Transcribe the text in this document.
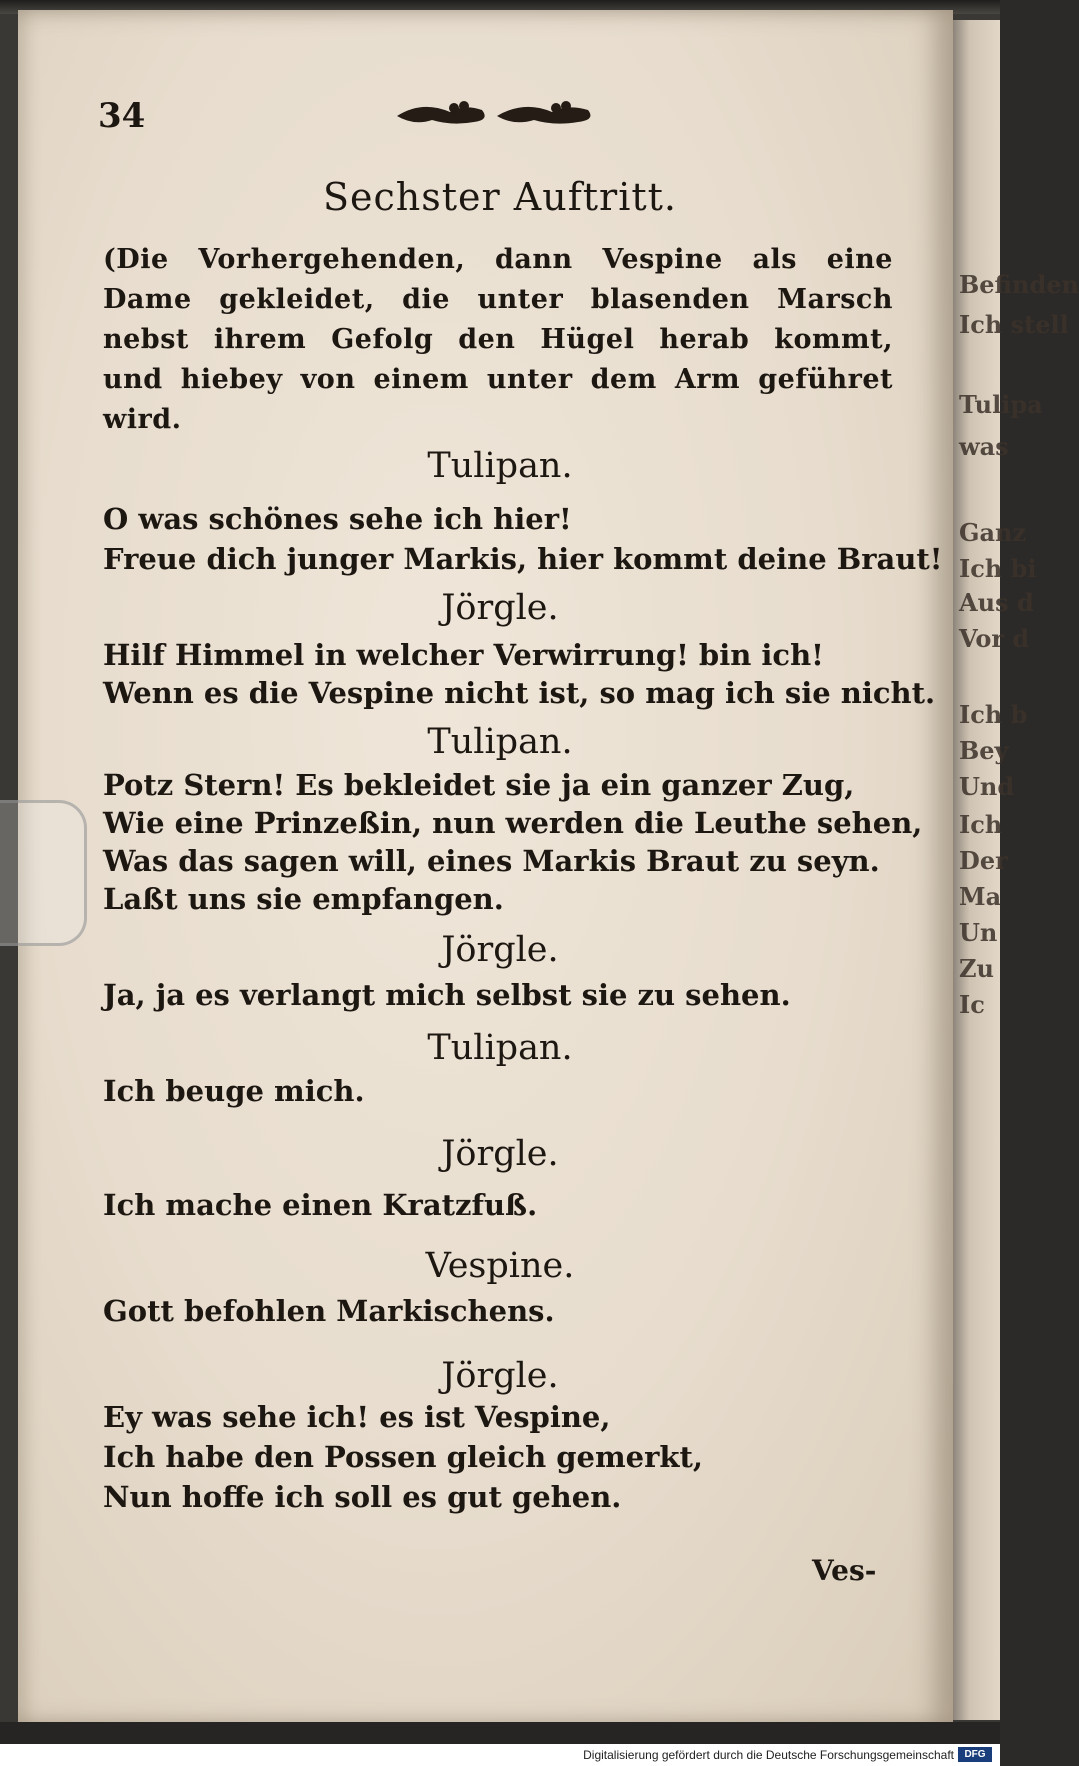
Befinden
Ich stell
Tulipa
was
Ganz
Ich bi
Aus d
Vor d
Ich b
Bey
Und
Ich
Der
Ma
Un
Zu
Ic
34
Sechster Auftritt.
(Die Vorhergehenden, dann Vespine als eine
Dame gekleidet, die unter blasenden Marsch
nebst ihrem Gefolg den Hügel herab kommt,
und hiebey von einem unter dem Arm geführet
wird.
Tulipan.
O was schönes sehe ich hier!
Freue dich junger Markis, hier kommt deine Braut!
Jörgle.
Hilf Himmel in welcher Verwirrung! bin ich!
Wenn es die Vespine nicht ist, so mag ich sie nicht.
Tulipan.
Potz Stern! Es bekleidet sie ja ein ganzer Zug,
Wie eine Prinzeßin, nun werden die Leuthe sehen,
Was das sagen will, eines Markis Braut zu seyn.
Laßt uns sie empfangen.
Jörgle.
Ja, ja es verlangt mich selbst sie zu sehen.
Tulipan.
Ich beuge mich.
Jörgle.
Ich mache einen Kratzfuß.
Vespine.
Gott befohlen Markischens.
Jörgle.
Ey was sehe ich! es ist Vespine,
Ich habe den Possen gleich gemerkt,
Nun hoffe ich soll es gut gehen.
Ves-
Digitalisierung gefördert durch die Deutsche Forschungsgemeinschaft	DFG
